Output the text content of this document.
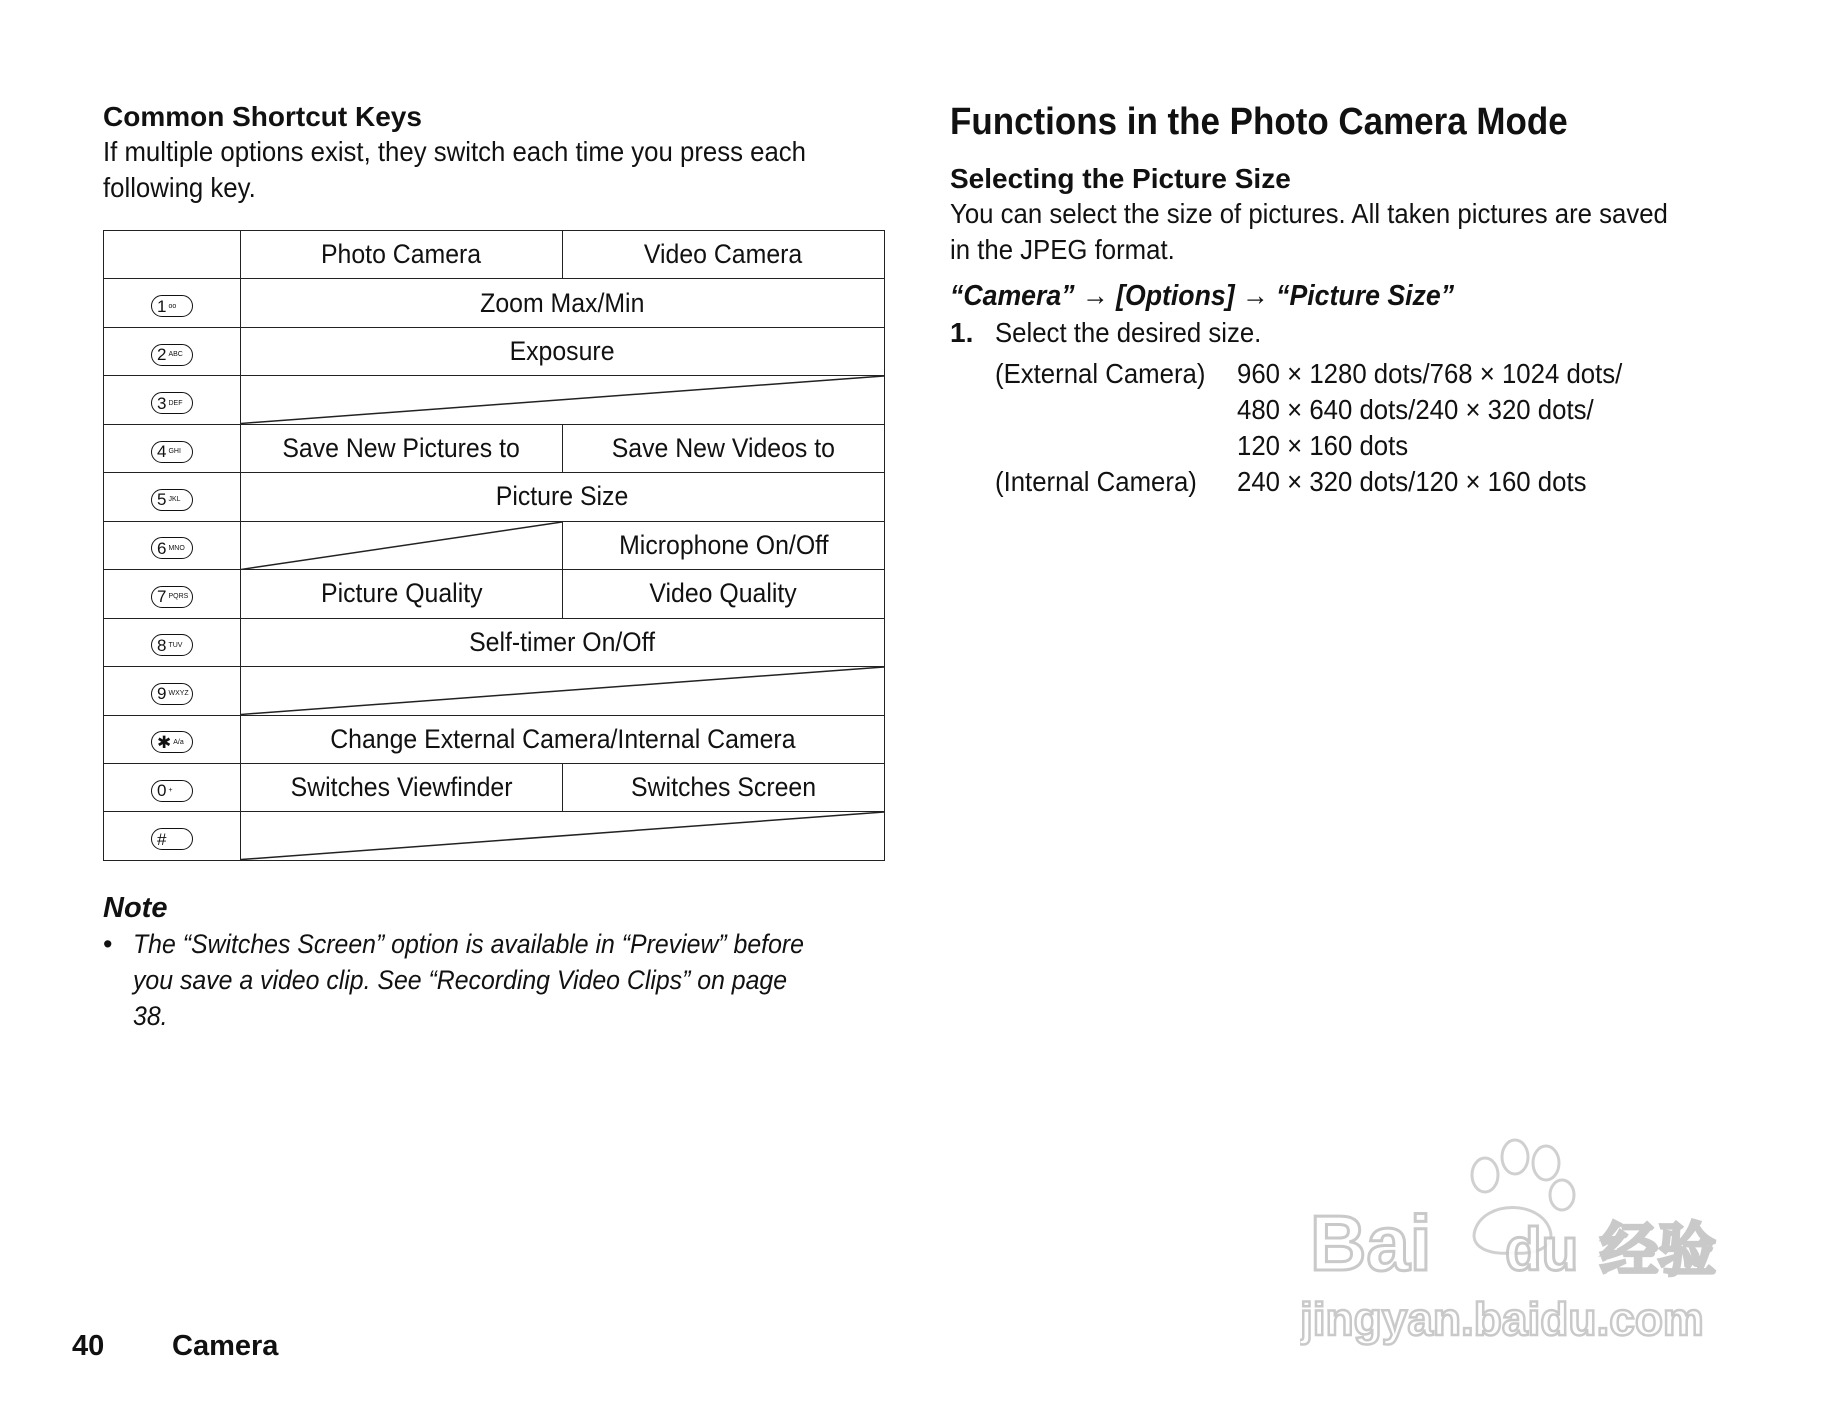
Common Shortcut Keys

If multiple options exist, they switch each time you press each following key.

	Photo Camera	Video Camera

1 ᴏᴏ	Zoom Max/Min	

2 ABC	Exposure	

3 DEF

4 GHI	Save New Pictures to	Save New Videos to

5 JKL	Picture Size	

6 MNO		Microphone On/Off

7 PQRS	Picture Quality	Video Quality

8 TUV	Self-timer On/Off	

9 WXYZ

✱ A/a	Change External Camera/Internal Camera	

0 +	Switches Viewfinder	Switches Screen

#

Note

• The “Switches Screen” option is available in “Preview” before you save a video clip. See “Recording Video Clips” on page 38.
Functions in the Photo Camera Mode

Selecting the Picture Size

You can select the size of pictures. All taken pictures are saved in the JPEG format.

“Camera” → [Options] → “Picture Size”
1. Select the desired size.
(External Camera)	960 × 1280 dots/768 × 1024 dots/
480 × 640 dots/240 × 320 dots/
120 × 160 dots
(Internal Camera)	240 × 320 dots/120 × 160 dots
40	Camera
Bai du 经验
jingyan.baidu.com
